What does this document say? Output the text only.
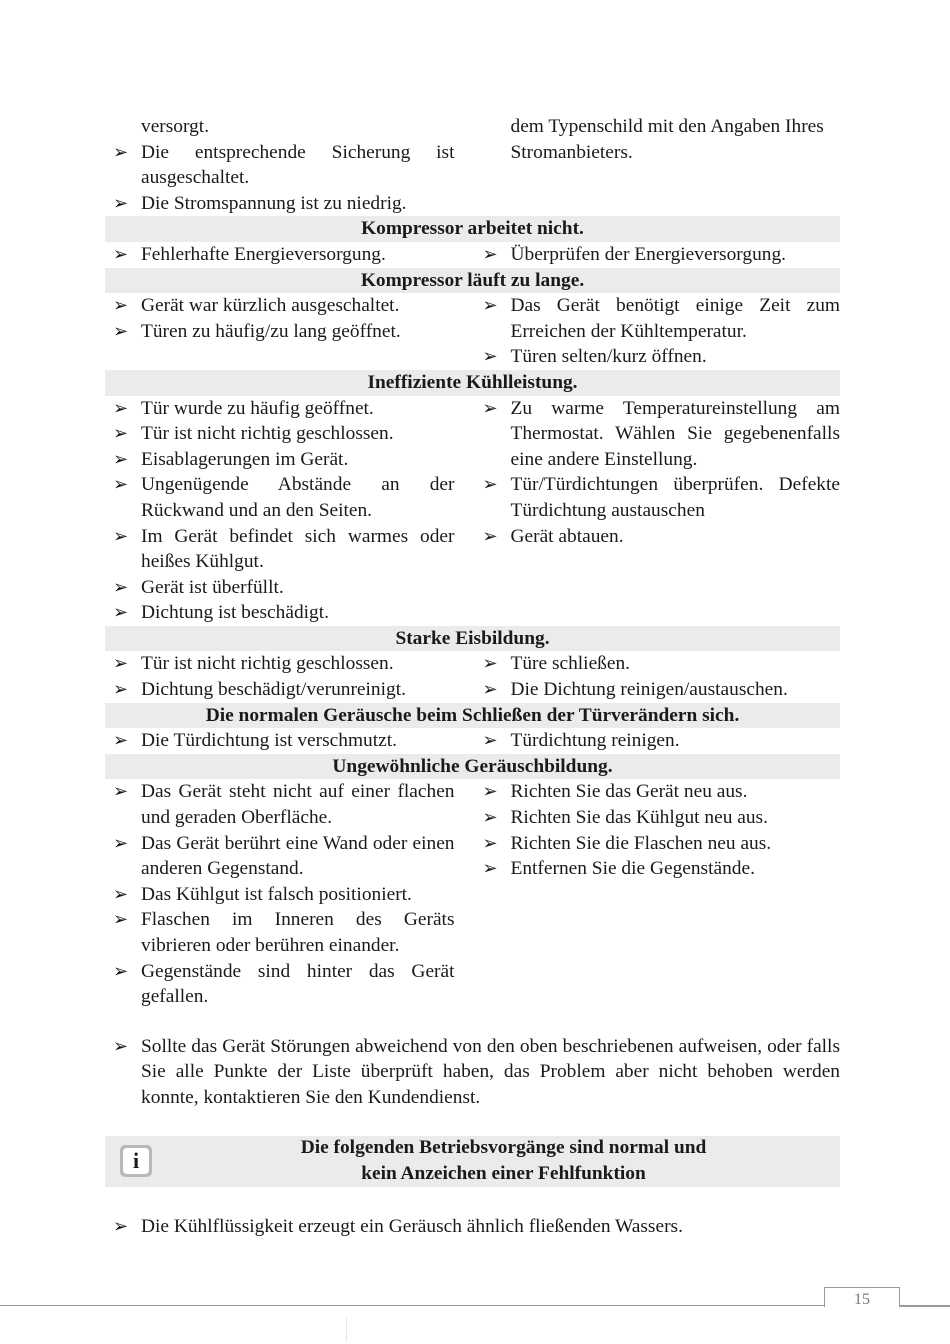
versorgt.
➢ Die entsprechende Sicherung ist ausgeschaltet.
➢ Die Stromspannung ist zu niedrig.
dem Typenschild mit den Angaben Ihres Stromanbieters.
Kompressor arbeitet nicht.
➢ Fehlerhafte Energieversorgung.	➢ Überprüfen der Energieversorgung.
Kompressor läuft zu lange.
➢ Gerät war kürzlich ausgeschaltet.
➢ Türen zu häufig/zu lang geöffnet.
➢ Das Gerät benötigt einige Zeit zum Erreichen der Kühltemperatur.
➢ Türen selten/kurz öffnen.
Ineffiziente Kühlleistung.
➢ Tür wurde zu häufig geöffnet.
➢ Tür ist nicht richtig geschlossen.
➢ Eisablagerungen im Gerät.
➢ Ungenügende Abstände an der Rückwand und an den Seiten.
➢ Im Gerät befindet sich warmes oder heißes Kühlgut.
➢ Gerät ist überfüllt.
➢ Dichtung ist beschädigt.
➢ Zu warme Temperatureinstellung am Thermostat. Wählen Sie gegebenenfalls eine andere Einstellung.
➢ Tür/Türdichtungen überprüfen. Defekte Türdichtung austauschen
➢ Gerät abtauen.
Starke Eisbildung.
➢ Tür ist nicht richtig geschlossen.
➢ Dichtung beschädigt/verunreinigt.
➢ Türe schließen.
➢ Die Dichtung reinigen/austauschen.
Die normalen Geräusche beim Schließen der Türverändern sich.
➢ Die Türdichtung ist verschmutzt.	➢ Türdichtung reinigen.
Ungewöhnliche Geräuschbildung.
➢ Das Gerät steht nicht auf einer flachen und geraden Oberfläche.
➢ Das Gerät berührt eine Wand oder einen anderen Gegenstand.
➢ Das Kühlgut ist falsch positioniert.
➢ Flaschen im Inneren des Geräts vibrieren oder berühren einander.
➢ Gegenstände sind hinter das Gerät gefallen.
➢ Richten Sie das Gerät neu aus.
➢ Richten Sie das Kühlgut neu aus.
➢ Richten Sie die Flaschen neu aus.
➢ Entfernen Sie die Gegenstände.
➢ Sollte das Gerät Störungen abweichend von den oben beschriebenen aufweisen, oder falls Sie alle Punkte der Liste überprüft haben, das Problem aber nicht behoben werden konnte, kontaktieren Sie den Kundendienst.
i
Die folgenden Betriebsvorgänge sind normal und
kein Anzeichen einer Fehlfunktion
➢ Die Kühlflüssigkeit erzeugt ein Geräusch ähnlich fließenden Wassers.
15
